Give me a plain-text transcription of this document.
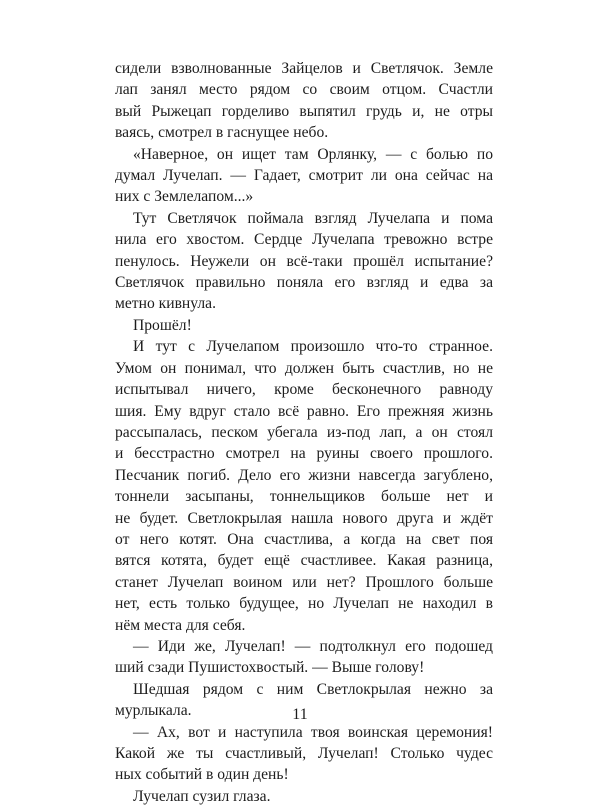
сидели взволнованные Зайцелов и Светлячок. Земле
лап занял место рядом со своим отцом. Счастли
вый Рыжецап горделиво выпятил грудь и, не отры
ваясь, смотрел в гаснущее небо.
«Наверное, он ищет там Орлянку, — с болью по
думал Лучелап. — Гадает, смотрит ли она сейчас на
них с Землелапом...»
Тут Светлячок поймала взгляд Лучелапа и пома
нила его хвостом. Сердце Лучелапа тревожно встре
пенулось. Неужели он всё-таки прошёл испытание?
Светлячок правильно поняла его взгляд и едва за
метно кивнула.
Прошёл!
И тут с Лучелапом произошло что-то странное.
Умом он понимал, что должен быть счастлив, но не
испытывал ничего, кроме бесконечного равноду
шия. Ему вдруг стало всё равно. Его прежняя жизнь
рассыпалась, песком убегала из-под лап, а он стоял
и бесстрастно смотрел на руины своего прошлого.
Песчаник погиб. Дело его жизни навсегда загублено,
тоннели засыпаны, тоннельщиков больше нет и
не будет. Светлокрылая нашла нового друга и ждёт
от него котят. Она счастлива, а когда на свет поя
вятся котята, будет ещё счастливее. Какая разница,
станет Лучелап воином или нет? Прошлого больше
нет, есть только будущее, но Лучелап не находил в
нём места для себя.
— Иди же, Лучелап! — подтолкнул его подошед
ший сзади Пушистохвостый. — Выше голову!
Шедшая рядом с ним Светлокрылая нежно за
мурлыкала.
— Ах, вот и наступила твоя воинская церемония!
Какой же ты счастливый, Лучелап! Столько чудес
ных событий в один день!
Лучелап сузил глаза.
11
